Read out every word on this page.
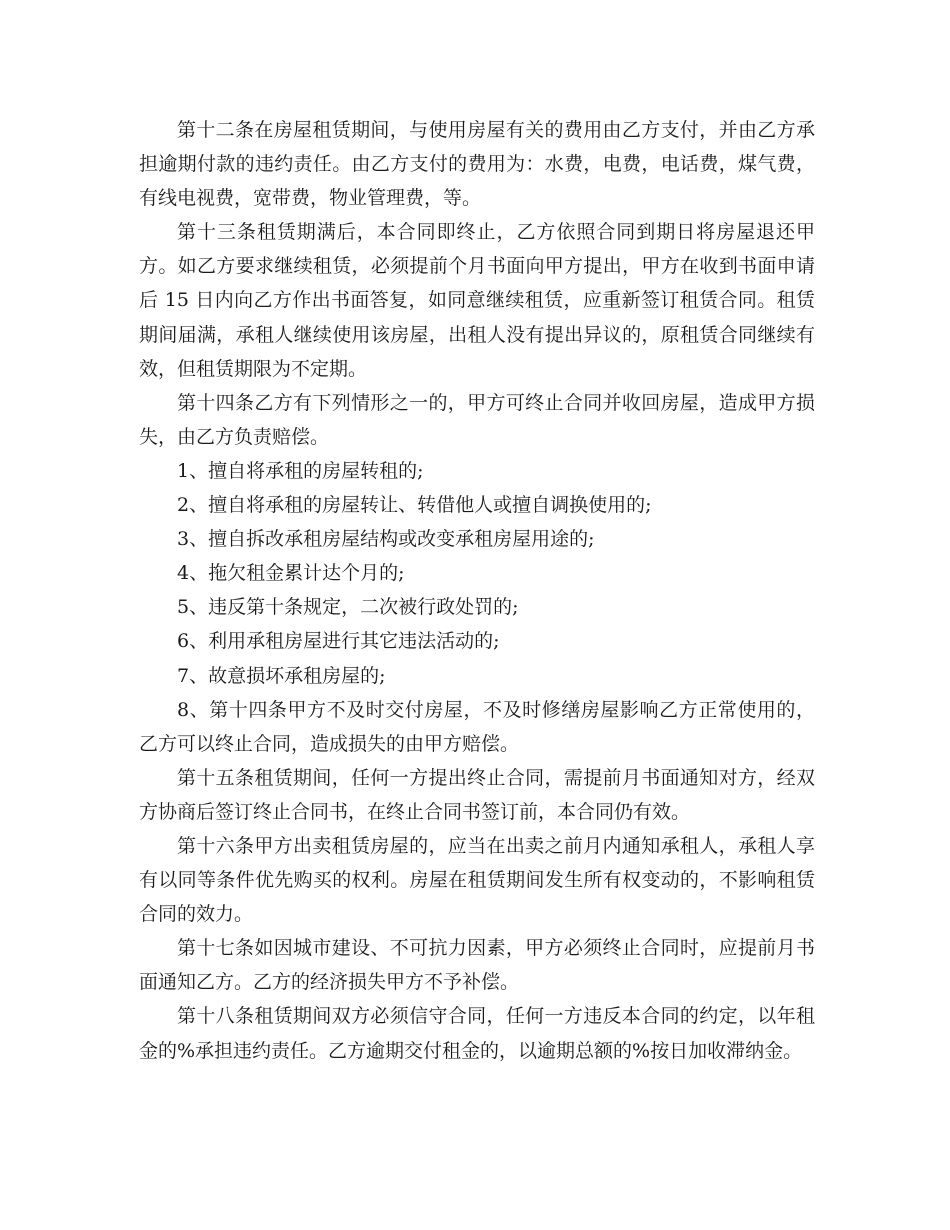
第十二条在房屋租赁期间，与使用房屋有关的费用由乙方支付，并由乙方承担逾期付款的违约责任。由乙方支付的费用为：水费，电费，电话费，煤气费，有线电视费，宽带费，物业管理费，等。

第十三条租赁期满后，本合同即终止，乙方依照合同到期日将房屋退还甲方。如乙方要求继续租赁，必须提前个月书面向甲方提出，甲方在收到书面申请后 15 日内向乙方作出书面答复，如同意继续租赁，应重新签订租赁合同。租赁期间届满，承租人继续使用该房屋，出租人没有提出异议的，原租赁合同继续有效，但租赁期限为不定期。

第十四条乙方有下列情形之一的，甲方可终止合同并收回房屋，造成甲方损失，由乙方负责赔偿。

1、擅自将承租的房屋转租的;

2、擅自将承租的房屋转让、转借他人或擅自调换使用的;

3、擅自拆改承租房屋结构或改变承租房屋用途的;

4、拖欠租金累计达个月的;

5、违反第十条规定，二次被行政处罚的;

6、利用承租房屋进行其它违法活动的;

7、故意损坏承租房屋的;

8、第十四条甲方不及时交付房屋，不及时修缮房屋影响乙方正常使用的，乙方可以终止合同，造成损失的由甲方赔偿。

第十五条租赁期间，任何一方提出终止合同，需提前月书面通知对方，经双方协商后签订终止合同书，在终止合同书签订前，本合同仍有效。

第十六条甲方出卖租赁房屋的，应当在出卖之前月内通知承租人，承租人享有以同等条件优先购买的权利。房屋在租赁期间发生所有权变动的，不影响租赁合同的效力。

第十七条如因城市建设、不可抗力因素，甲方必须终止合同时，应提前月书面通知乙方。乙方的经济损失甲方不予补偿。

第十八条租赁期间双方必须信守合同，任何一方违反本合同的约定，以年租金的%承担违约责任。乙方逾期交付租金的，以逾期总额的%按日加收滞纳金。
